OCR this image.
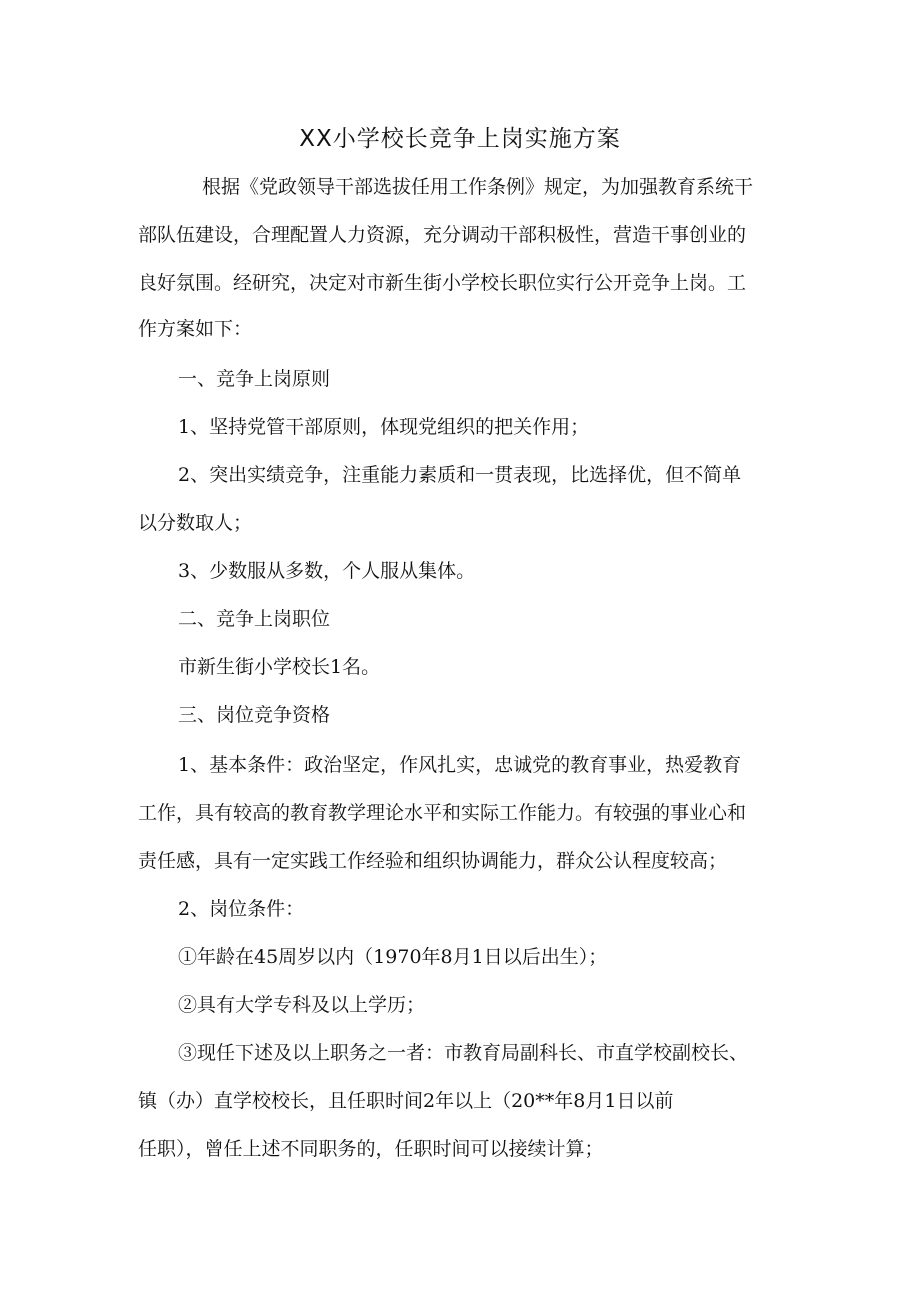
XX小学校长竞争上岗实施方案

根据《党政领导干部选拔任用工作条例》规定，为加强教育系统干

部队伍建设，合理配置人力资源，充分调动干部积极性，营造干事创业的

良好氛围。经研究，决定对市新生街小学校长职位实行公开竞争上岗。工

作方案如下：

一、竞争上岗原则

1、坚持党管干部原则，体现党组织的把关作用；

2、突出实绩竞争，注重能力素质和一贯表现，比选择优，但不简单

以分数取人；

3、少数服从多数，个人服从集体。

二、竞争上岗职位

市新生街小学校长1名。

三、岗位竞争资格

1、基本条件：政治坚定，作风扎实，忠诚党的教育事业，热爱教育

工作，具有较高的教育教学理论水平和实际工作能力。有较强的事业心和

责任感，具有一定实践工作经验和组织协调能力，群众公认程度较高；

2、岗位条件：

①年龄在45周岁以内（1970年8月1日以后出生）；

②具有大学专科及以上学历；

③现任下述及以上职务之一者：市教育局副科长、市直学校副校长、

镇（办）直学校校长，且任职时间2年以上（20**年8月1日以前

任职），曾任上述不同职务的，任职时间可以接续计算；
